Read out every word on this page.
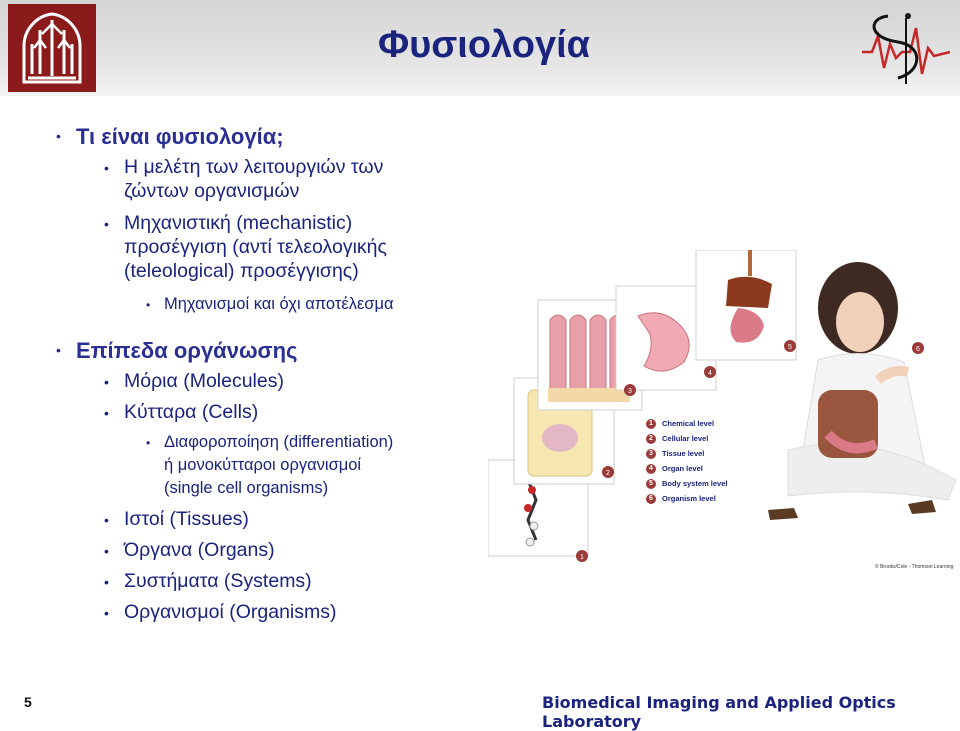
Φυσιολογία
• Τι είναι φυσιολογία;
• Η μελέτη των λειτουργιών των
ζώντων οργανισμών
• Μηχανιστική (mechanistic)
προσέγγιση (αντί τελεολογικής
(teleological) προσέγγισης)
• Μηχανισμοί και όχι αποτέλεσμα
• Επίπεδα οργάνωσης
• Μόρια (Molecules)
• Κύτταρα (Cells)
• Διαφοροποίηση (differentiation)
ή μονοκύτταροι οργανισμοί
(single cell organisms)
• Ιστοί (Tissues)
• Όργανα (Organs)
• Συστήματα (Systems)
• Οργανισμοί (Organisms)
1
2
3
4
5	6
1	Chemical level
2	Cellular level
3	Tissue level
4	Organ level
5	Body system level
6	Organism level
© Brooks/Cole - Thomson Learning
5	Biomedical Imaging and Applied Optics Laboratory
